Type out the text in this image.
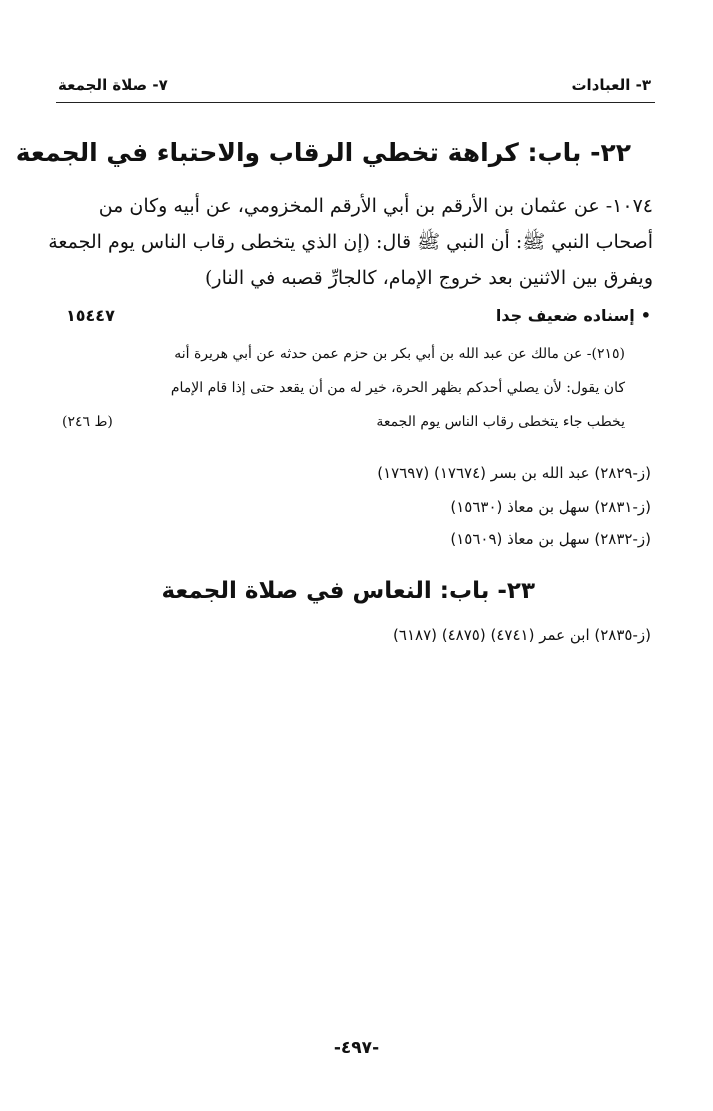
٣- العبادات
٧- صلاة الجمعة
٢٢- باب: كراهة تخطي الرقاب والاحتباء في الجمعة
١٠٧٤- عن عثمان بن الأرقم بن أبي الأرقم المخزومي، عن أبيه وكان من
أصحاب النبي ﷺ: أن النبي ﷺ قال: (إن الذي يتخطى رقاب الناس يوم الجمعة
ويفرق بين الاثنين بعد خروج الإمام، كالجارِّ قصبه في النار)
•إسناده ضعيف جدا
١٥٤٤٧
(٢١٥)- عن مالك عن عبد الله بن أبي بكر بن حزم عمن حدثه عن أبي هريرة أنه
كان يقول: لأن يصلي أحدكم بظهر الحرة، خير له من أن يقعد حتى إذا قام الإمام
يخطب جاء يتخطى رقاب الناس يوم الجمعة
(ط ٢٤٦)
(ز-٢٨٢٩) عبد الله بن بسر (١٧٦٧٤) (١٧٦٩٧)
(ز-٢٨٣١) سهل بن معاذ (١٥٦٣٠)
(ز-٢٨٣٢) سهل بن معاذ (١٥٦٠٩)
٢٣- باب: النعاس في صلاة الجمعة
(ز-٢٨٣٥) ابن عمر (٤٧٤١) (٤٨٧٥) (٦١٨٧)
-٤٩٧-
